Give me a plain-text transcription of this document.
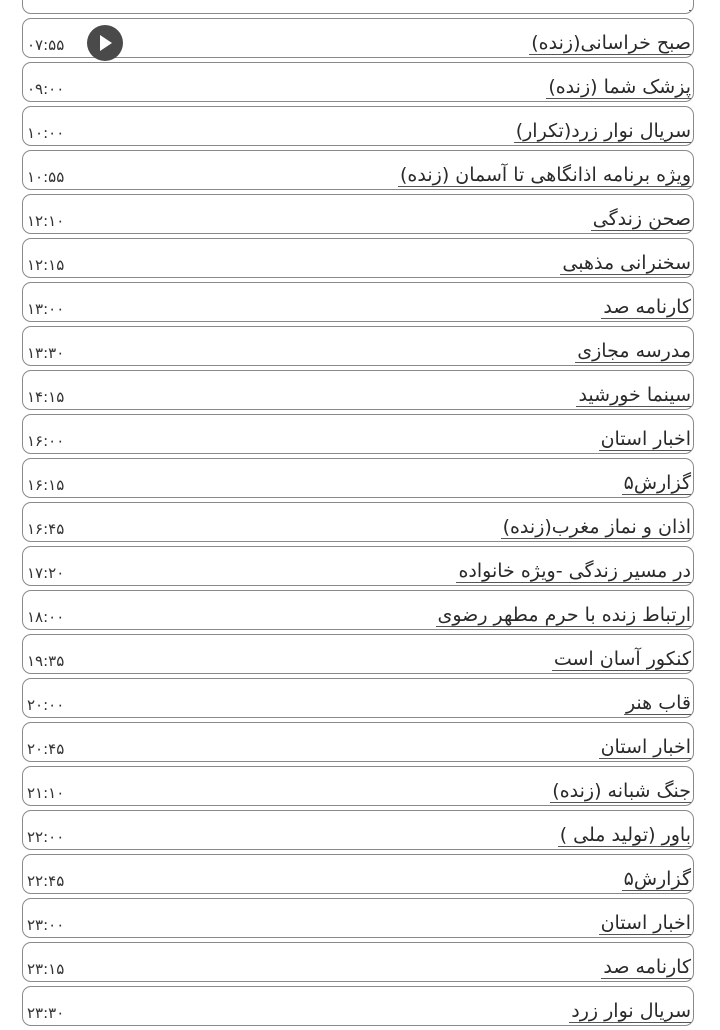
صبح خراسانی(زنده)
۰۷:۵۵
پزشک شما (زنده)
۰۹:۰۰
سریال نوار زرد(تکرار)
۱۰:۰۰
ویژه برنامه اذانگاهی تا آسمان (زنده)
۱۰:۵۵
صحن زندگی
۱۲:۱۰
سخنرانی مذهبی
۱۲:۱۵
کارنامه صد
۱۳:۰۰
مدرسه مجازی
۱۳:۳۰
سینما خورشید
۱۴:۱۵
اخبار استان
۱۶:۰۰
گزارش۵
۱۶:۱۵
اذان و نماز مغرب(زنده)
۱۶:۴۵
در مسیر زندگی -ویژه خانواده
۱۷:۲۰
ارتباط زنده با حرم مطهر رضوی
۱۸:۰۰
کنکور آسان است
۱۹:۳۵
قاب هنر
۲۰:۰۰
اخبار استان
۲۰:۴۵
جنگ شبانه (زنده)
۲۱:۱۰
باور (تولید ملی )
۲۲:۰۰
گزارش۵
۲۲:۴۵
اخبار استان
۲۳:۰۰
کارنامه صد
۲۳:۱۵
سریال نوار زرد
۲۳:۳۰
